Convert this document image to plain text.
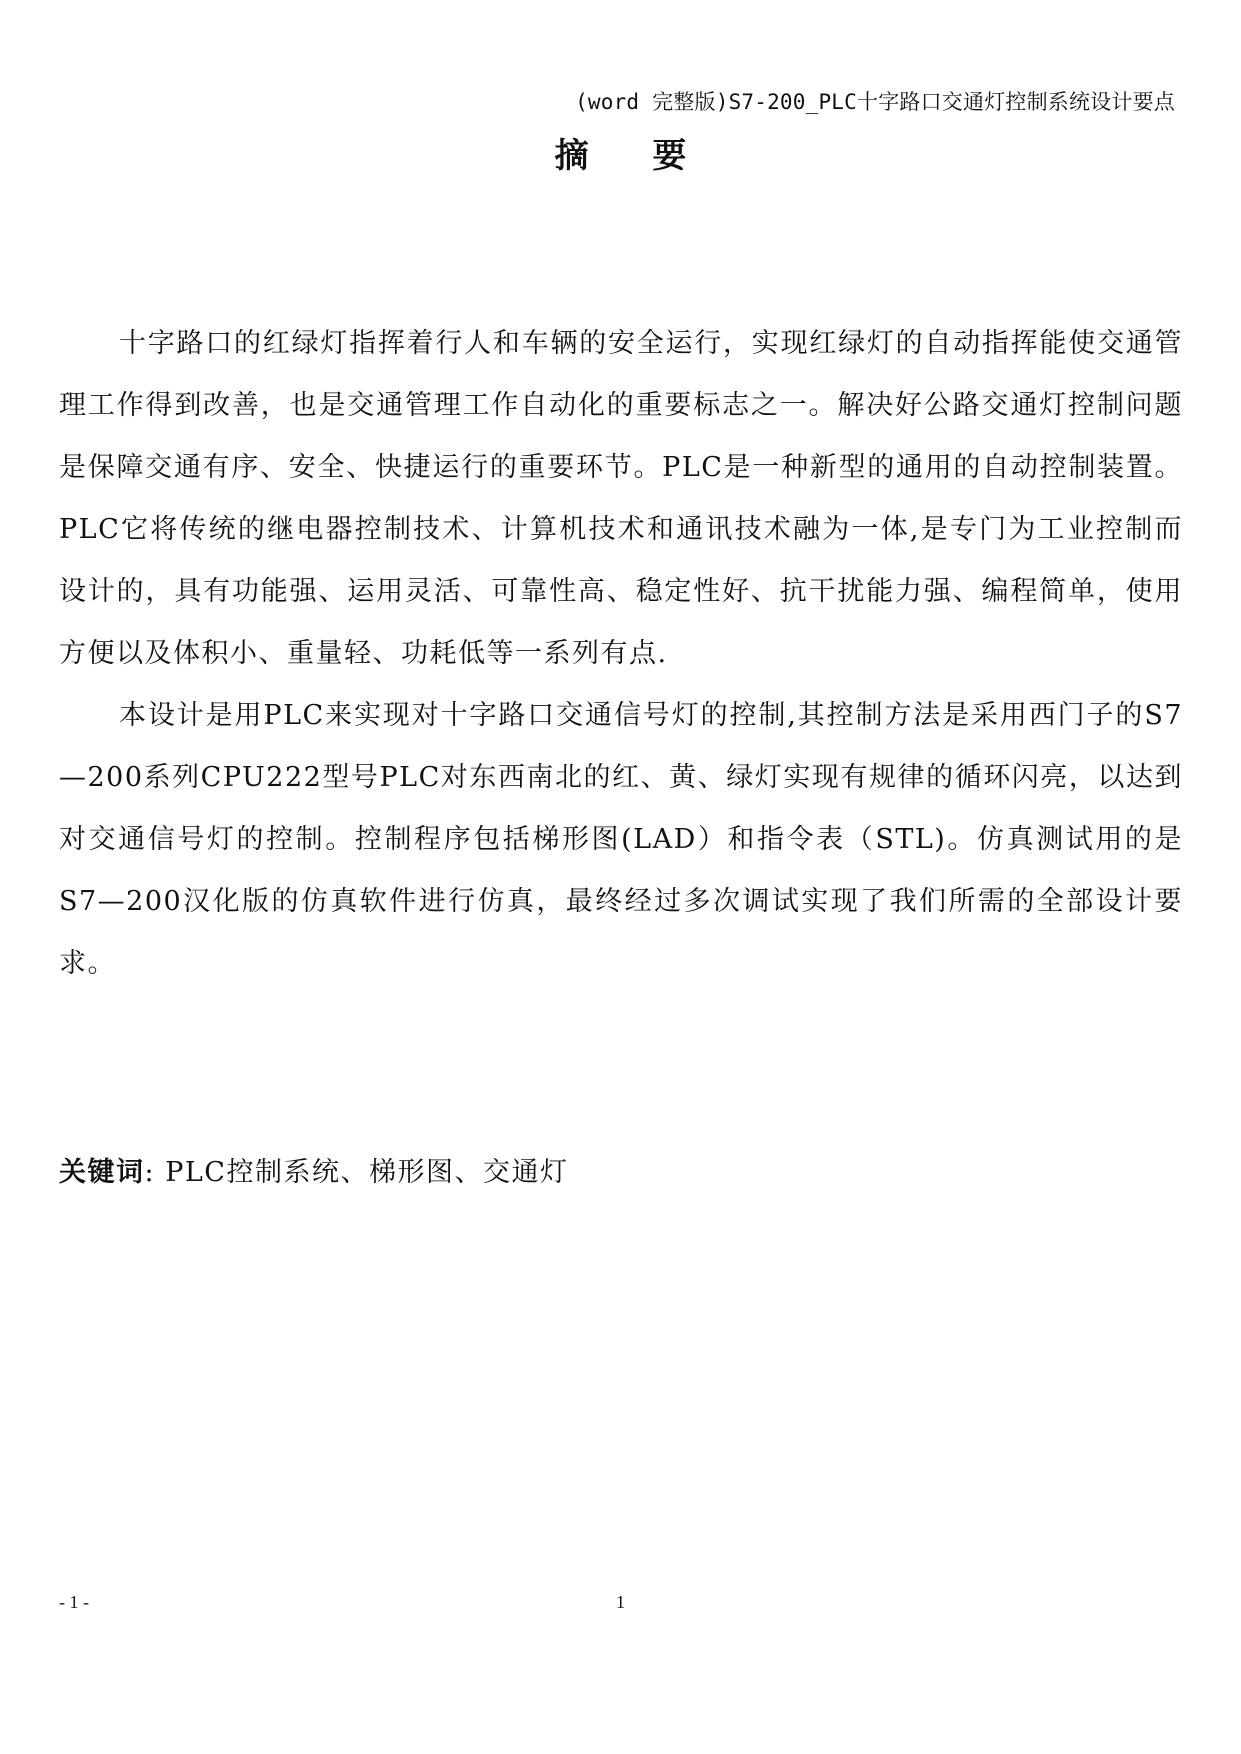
(word 完整版)S7-200_PLC十字路口交通灯控制系统设计要点
摘 要

十字路口的红绿灯指挥着行人和车辆的安全运行，实现红绿灯的自动指挥能使交通管理工作得到改善，也是交通管理工作自动化的重要标志之一。解决好公路交通灯控制问题是保障交通有序、安全、快捷运行的重要环节。PLC是一种新型的通用的自动控制装置。PLC它将传统的继电器控制技术、计算机技术和通讯技术融为一体,是专门为工业控制而设计的，具有功能强、运用灵活、可靠性高、稳定性好、抗干扰能力强、编程简单，使用方便以及体积小、重量轻、功耗低等一系列有点.

本设计是用PLC来实现对十字路口交通信号灯的控制,其控制方法是采用西门子的S7—200系列CPU222型号PLC对东西南北的红、黄、绿灯实现有规律的循环闪亮，以达到对交通信号灯的控制。控制程序包括梯形图(LAD）和指令表（STL)。仿真测试用的是S7—200汉化版的仿真软件进行仿真，最终经过多次调试实现了我们所需的全部设计要求。

关键词: PLC控制系统、梯形图、交通灯
- 1 -	1
